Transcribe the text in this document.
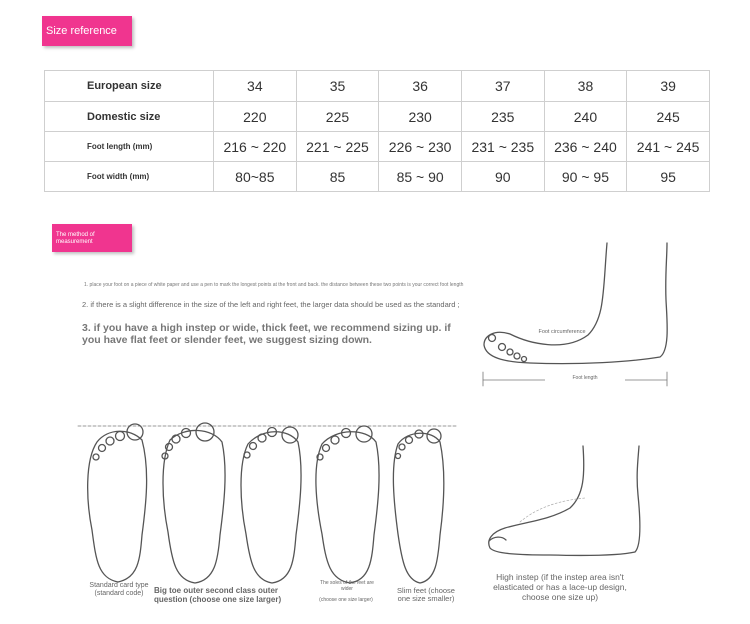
Size reference
European size	34	35	36	37	38	39
Domestic size	220	225	230	235	240	245
Foot length (mm)	216 ~ 220	221 ~ 225	226 ~ 230	231 ~ 235	236 ~ 240	241 ~ 245
Foot width (mm)	80~85	85	85 ~ 90	90	90 ~ 95	95
The method of measurement
1. place your foot on a piece of white paper and use a pen to mark the longest points at the front and back. the distance between these two points is your correct foot length
2. if there is a slight difference in the size of the left and right feet, the larger data should be used as the standard ;
3. if you have a high instep or wide, thick feet, we recommend sizing up. if you have flat feet or slender feet, we suggest sizing down.
Foot circumference
Foot length
Standard card type (standard code)	Big toe outer second class outer question (choose one size larger)
The soles of the feet are wider
(choose one size larger)
Slim feet (choose one size smaller)
High instep (if the instep area isn't elasticated or has a lace-up design, choose one size up)
